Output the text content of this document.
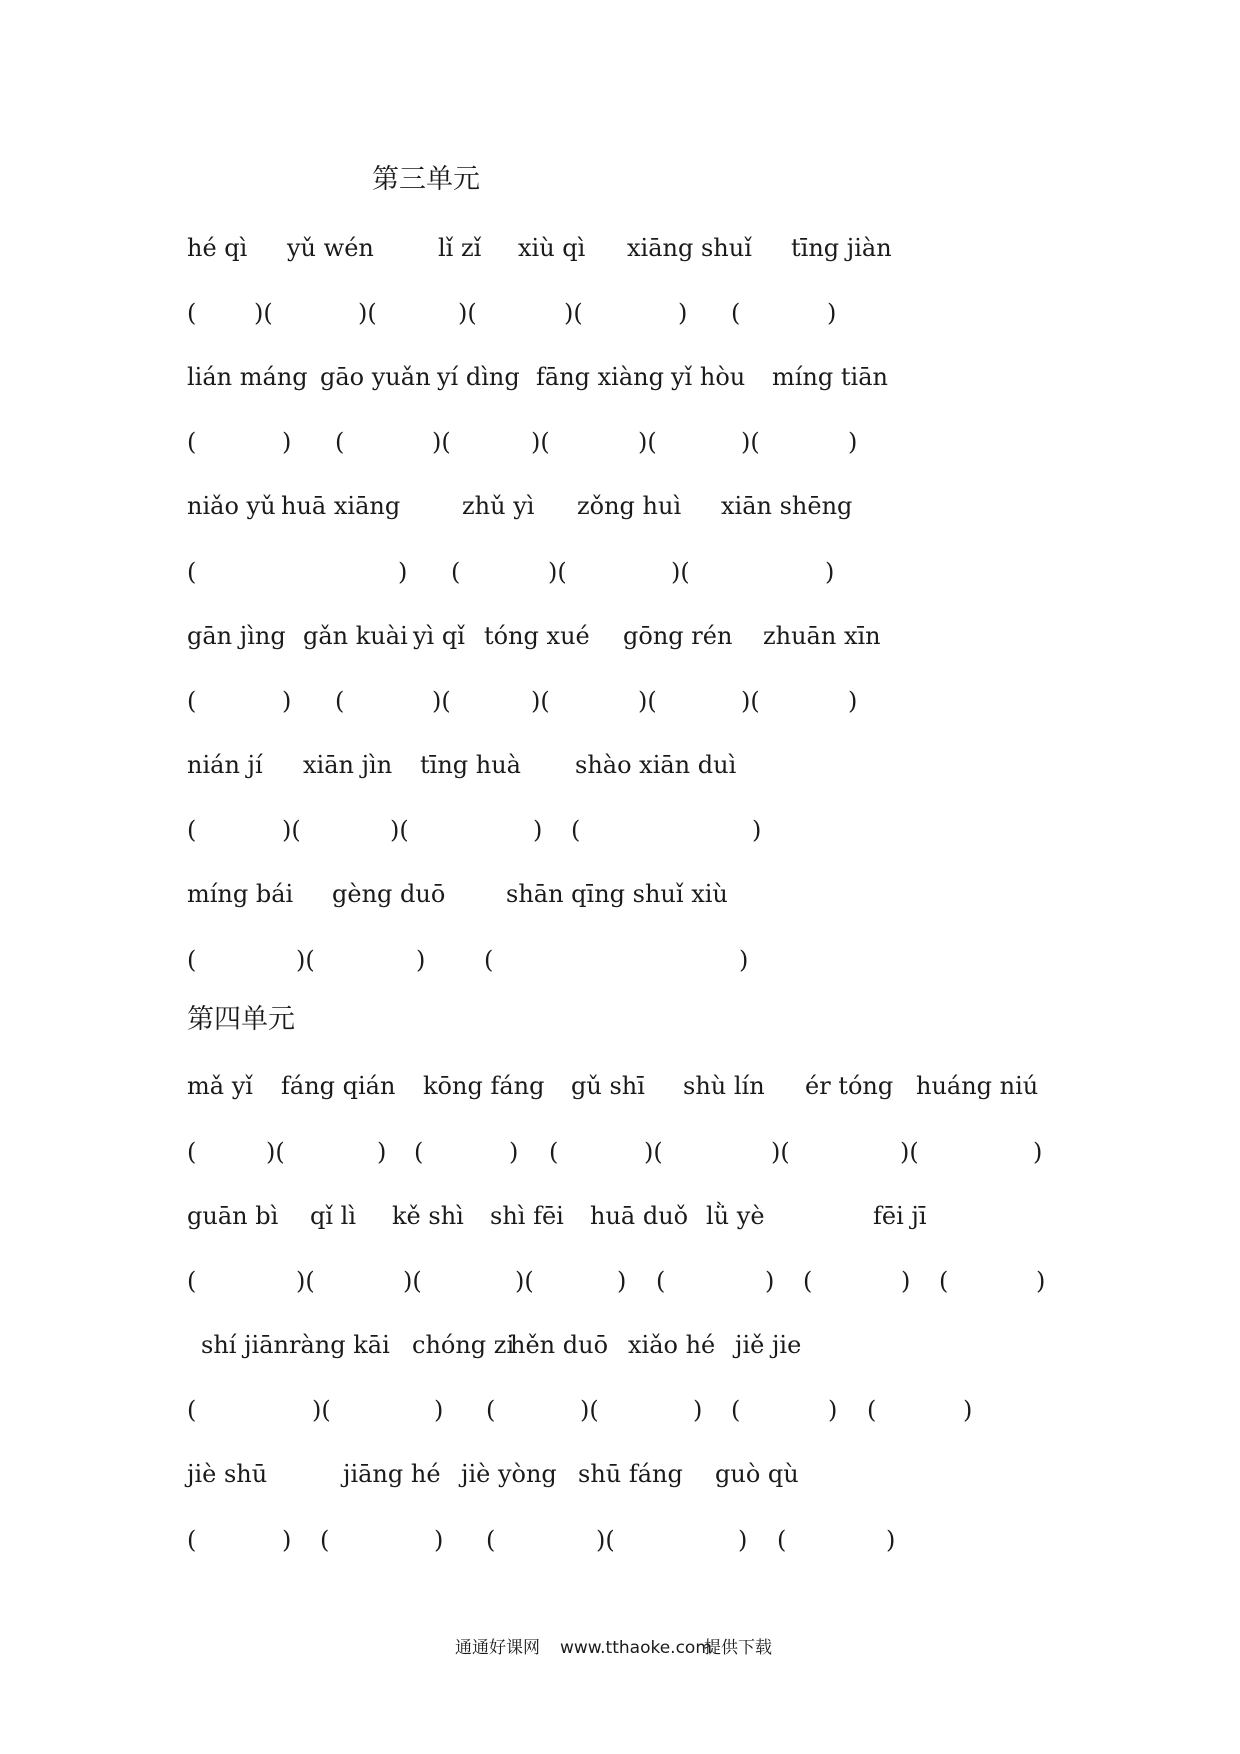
第三单元
hé qì yǔ wén	lǐ zǐ xiù qì xiāng shuǐ tīng jiàn
( )(	)(	)(	)(	) (	)
lián máng gāo yuǎn yí dìng fāng xiàng yǐ hòu míng tiān
(	) (	)(	)(	)(	)(	)
niǎo yǔ huā xiāng	zhǔ yì zǒng huì xiān shēng
(	) (	)(	)(	)
gān jìng gǎn kuài yì qǐ tóng xué gōng rén zhuān xīn
(	) (	)(	)(	)(	)(	)
nián jí xiān jìn tīng huà shào xiān duì
(	)(	)(	) (	)
míng bái gèng duō	shān qīng shuǐ xiù
(	)(	) (	)
第四单元
mǎ yǐ fáng qián kōng fáng gǔ shī shù lín ér tóng huáng niú
(	)(	) (	) (	)(	)(	)(	)
guān bì qǐ lì kě shì shì fēi huā duǒ lǜ yè	fēi jī
(	)(	)(	)(	) (	) (	) (	)
shí jiān ràng kāi chóng zi
hěn duō xiǎo hé jiě jie
(	)(	) (	)(	) (	) (	)
jiè shū	jiāng hé jiè yòng shū fáng guò qù
(	) (	) (	)(	) (	)
通通好课网 www.tthaoke.com
提供下载
